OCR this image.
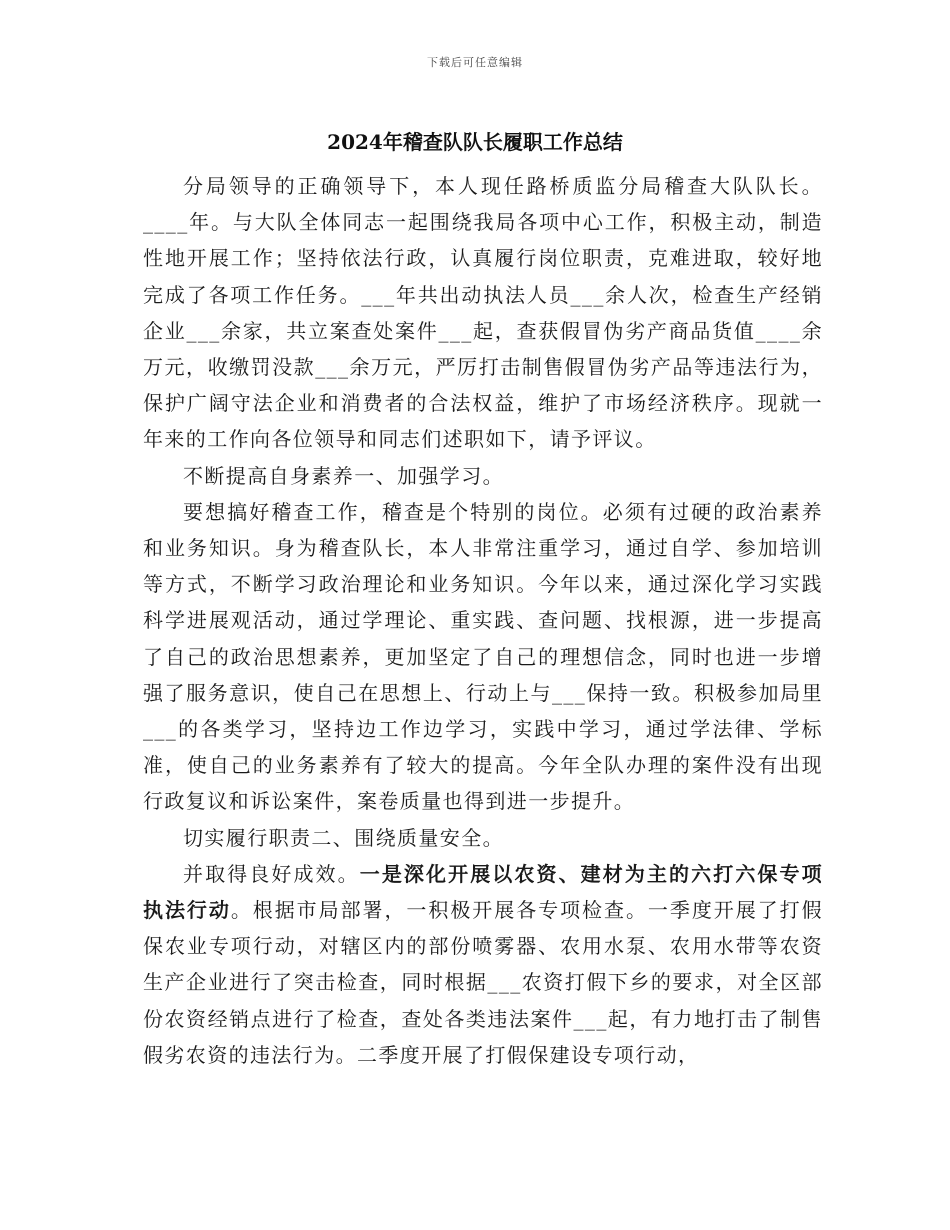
下载后可任意编辑
2024年稽查队队长履职工作总结

分局领导的正确领导下，本人现任路桥质监分局稽查大队队长。____年。与大队全体同志一起围绕我局各项中心工作，积极主动，制造性地开展工作；坚持依法行政，认真履行岗位职责，克难进取，较好地完成了各项工作任务。___年共出动执法人员___余人次，检查生产经销企业___余家，共立案查处案件___起，查获假冒伪劣产商品货值____余万元，收缴罚没款___余万元，严厉打击制售假冒伪劣产品等违法行为，保护广阔守法企业和消费者的合法权益，维护了市场经济秩序。现就一年来的工作向各位领导和同志们述职如下，请予评议。

不断提高自身素养一、加强学习。

要想搞好稽查工作，稽查是个特别的岗位。必须有过硬的政治素养和业务知识。身为稽查队长，本人非常注重学习，通过自学、参加培训等方式，不断学习政治理论和业务知识。今年以来，通过深化学习实践科学进展观活动，通过学理论、重实践、查问题、找根源，进一步提高了自己的政治思想素养，更加坚定了自己的理想信念，同时也进一步增强了服务意识，使自己在思想上、行动上与___保持一致。积极参加局里___的各类学习，坚持边工作边学习，实践中学习，通过学法律、学标准，使自己的业务素养有了较大的提高。今年全队办理的案件没有出现行政复议和诉讼案件，案卷质量也得到进一步提升。

切实履行职责二、围绕质量安全。

并取得良好成效。一是深化开展以农资、建材为主的六打六保专项执法行动。根据市局部署，一积极开展各专项检查。一季度开展了打假保农业专项行动，对辖区内的部份喷雾器、农用水泵、农用水带等农资生产企业进行了突击检查，同时根据___农资打假下乡的要求，对全区部份农资经销点进行了检查，查处各类违法案件___起，有力地打击了制售假劣农资的违法行为。二季度开展了打假保建设专项行动，
